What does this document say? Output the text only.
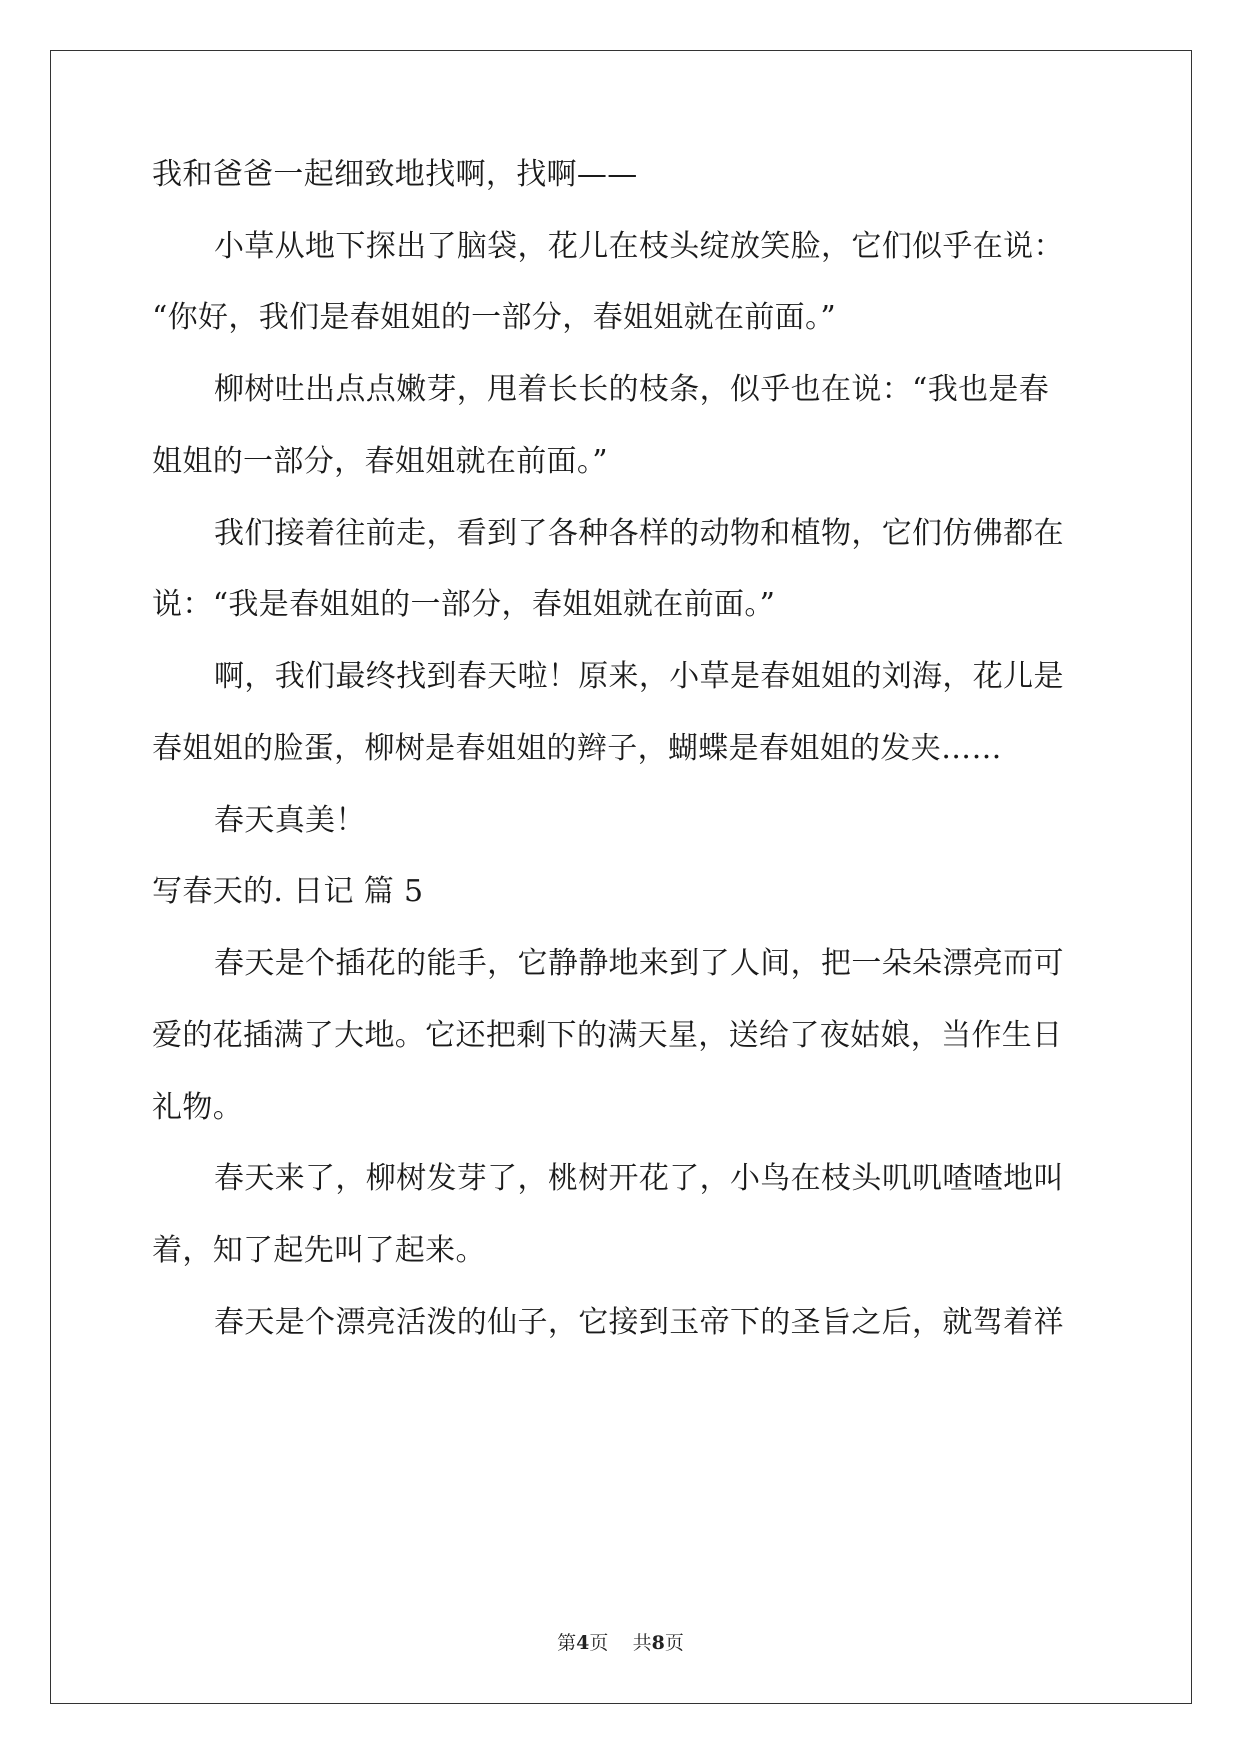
我和爸爸一起细致地找啊，找啊——
小草从地下探出了脑袋，花儿在枝头绽放笑脸，它们似乎在说：
“你好，我们是春姐姐的一部分，春姐姐就在前面。”
柳树吐出点点嫩芽，甩着长长的枝条，似乎也在说：“我也是春
姐姐的一部分，春姐姐就在前面。”
我们接着往前走，看到了各种各样的动物和植物，它们仿佛都在
说：“我是春姐姐的一部分，春姐姐就在前面。”
啊，我们最终找到春天啦！原来，小草是春姐姐的刘海，花儿是
春姐姐的脸蛋，柳树是春姐姐的辫子，蝴蝶是春姐姐的发夹……
春天真美！
写春天的. 日记 篇 5
春天是个插花的能手，它静静地来到了人间，把一朵朵漂亮而可
爱的花插满了大地。它还把剩下的满天星，送给了夜姑娘，当作生日
礼物。
春天来了，柳树发芽了，桃树开花了，小鸟在枝头叽叽喳喳地叫
着，知了起先叫了起来。
春天是个漂亮活泼的仙子，它接到玉帝下的圣旨之后，就驾着祥
第4页 共8页
